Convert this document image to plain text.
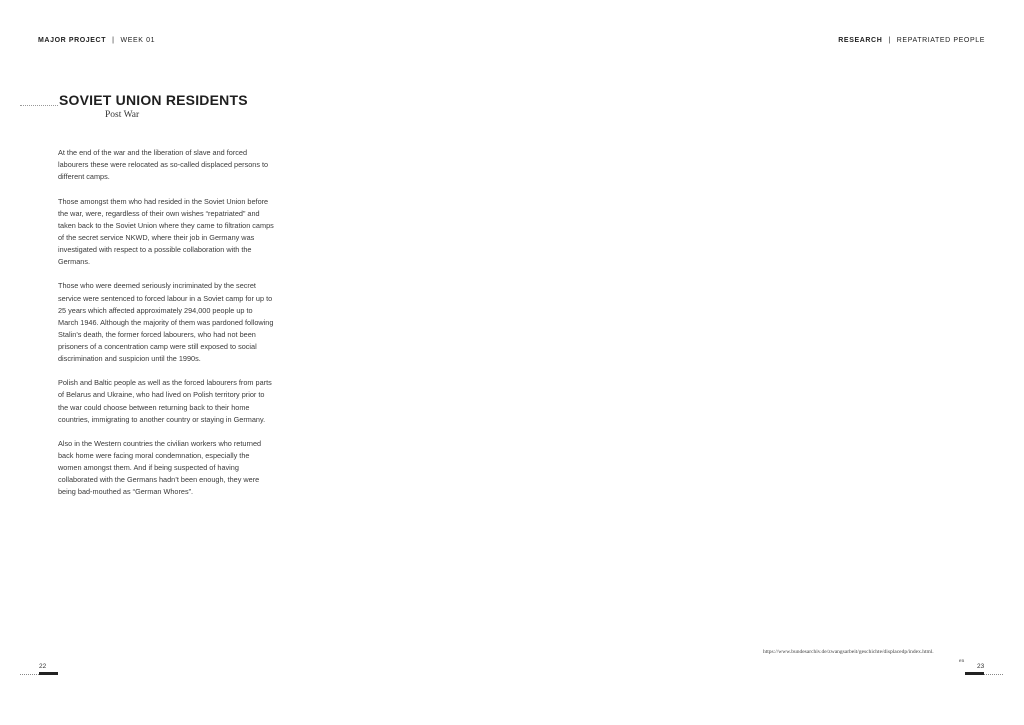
MAJOR PROJECT | WEEK 01	RESEARCH | REPATRIATED PEOPLE
SOVIET UNION RESIDENTS
Post War

At the end of the war and the liberation of slave and forced labourers these were relocated as so-called displaced persons to different camps.

Those amongst them who had resided in the Soviet Union before the war, were, regardless of their own wishes “repatriated” and taken back to the Soviet Union where they came to filtration camps of the secret service NKWD, where their job in Germany was investigated with respect to a possible collaboration with the Germans.

Those who were deemed seriously incriminated by the secret service were sentenced to forced labour in a Soviet camp for up to 25 years which affected approximately 294,000 people up to March 1946. Although the majority of them was pardoned following Stalin’s death, the former forced labourers, who had not been prisoners of a concentration camp were still exposed to social discrimination and suspicion until the 1990s.

Polish and Baltic people as well as the forced labourers from parts of Belarus and Ukraine, who had lived on Polish territory prior to the war could choose between returning back to their home countries, immigrating to another country or staying in Germany.

Also in the Western countries the civilian workers who returned back home were facing moral condemnation, especially the women amongst them. And if being suspected of having collaborated with the Germans hadn’t been enough, they were being bad-mouthed as “German Whores”.

https://www.bundesarchiv.de/zwangsarbeit/geschichte/displacedp/index.html.
en
22	23
